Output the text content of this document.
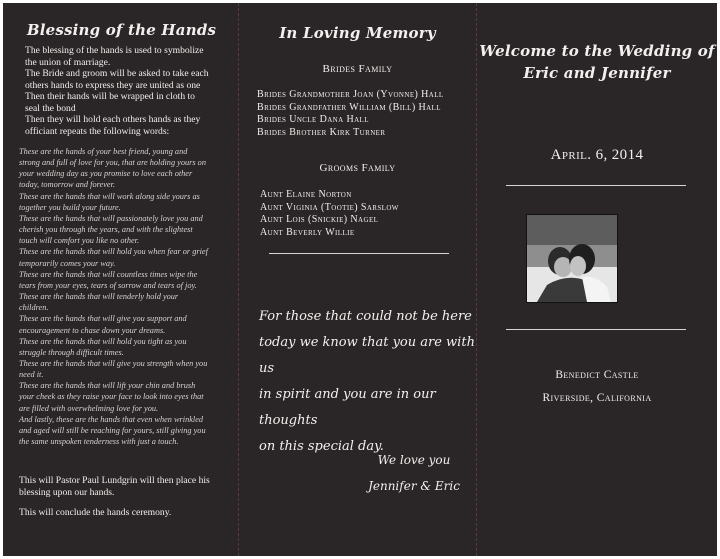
Blessing of the Hands
The blessing of the hands is used to symbolize
the union of marriage.
The Bride and groom will be asked to take each
others hands to express they are united as one
Then their hands will be wrapped in cloth to
seal the bond
Then they will hold each others hands as they
officiant repeats the following words:
These are the hands of your best friend, young and
strong and full of love for you, that are holding yours on
your wedding day as you promise to love each other
today, tomorrow and forever.
These are the hands that will work along side yours as
together you build your future.
These are the hands that will passionately love you and
cherish you through the years, and with the slightest
touch will comfort you like no other.
These are the hands that will hold you when fear or grief
temporarily comes your way.
These are the hands that will countless times wipe the
tears from your eyes, tears of sorrow and tears of joy.
These are the hands that will tenderly hold your
children.
These are the hands that will give you support and
encouragement to chase down your dreams.
These are the hands that will hold you tight as you
struggle through difficult times.
These are the hands that will give you strength when you
need it.
These are the hands that will lift your chin and brush
your cheek as they raise your face to look into eyes that
are filled with overwhelming love for you.
And lastly, these are the hands that even when wrinkled
and aged will still be reaching for yours, still giving you
the same unspoken tenderness with just a touch.
This will Pastor Paul Lundgrin will then place his
blessing upon our hands.
This will conclude the hands ceremony.
In Loving Memory
Brides Family
Brides Grandmother Joan (Yvonne) Hall
Brides Grandfather William (Bill) Hall
Brides Uncle Dana Hall
Brides Brother Kirk Turner
Grooms Family
Aunt Elaine Norton
Aunt Viginia (Tootie) Sarslow
Aunt Lois (Snickie) Nagel
Aunt Beverly Willie
For those that could not be here
today we know that you are with us
in spirit and you are in our thoughts
on this special day.
We love you
Jennifer & Eric
Welcome to the Wedding of
Eric and Jennifer
April. 6, 2014
Benedict Castle
Riverside, California
